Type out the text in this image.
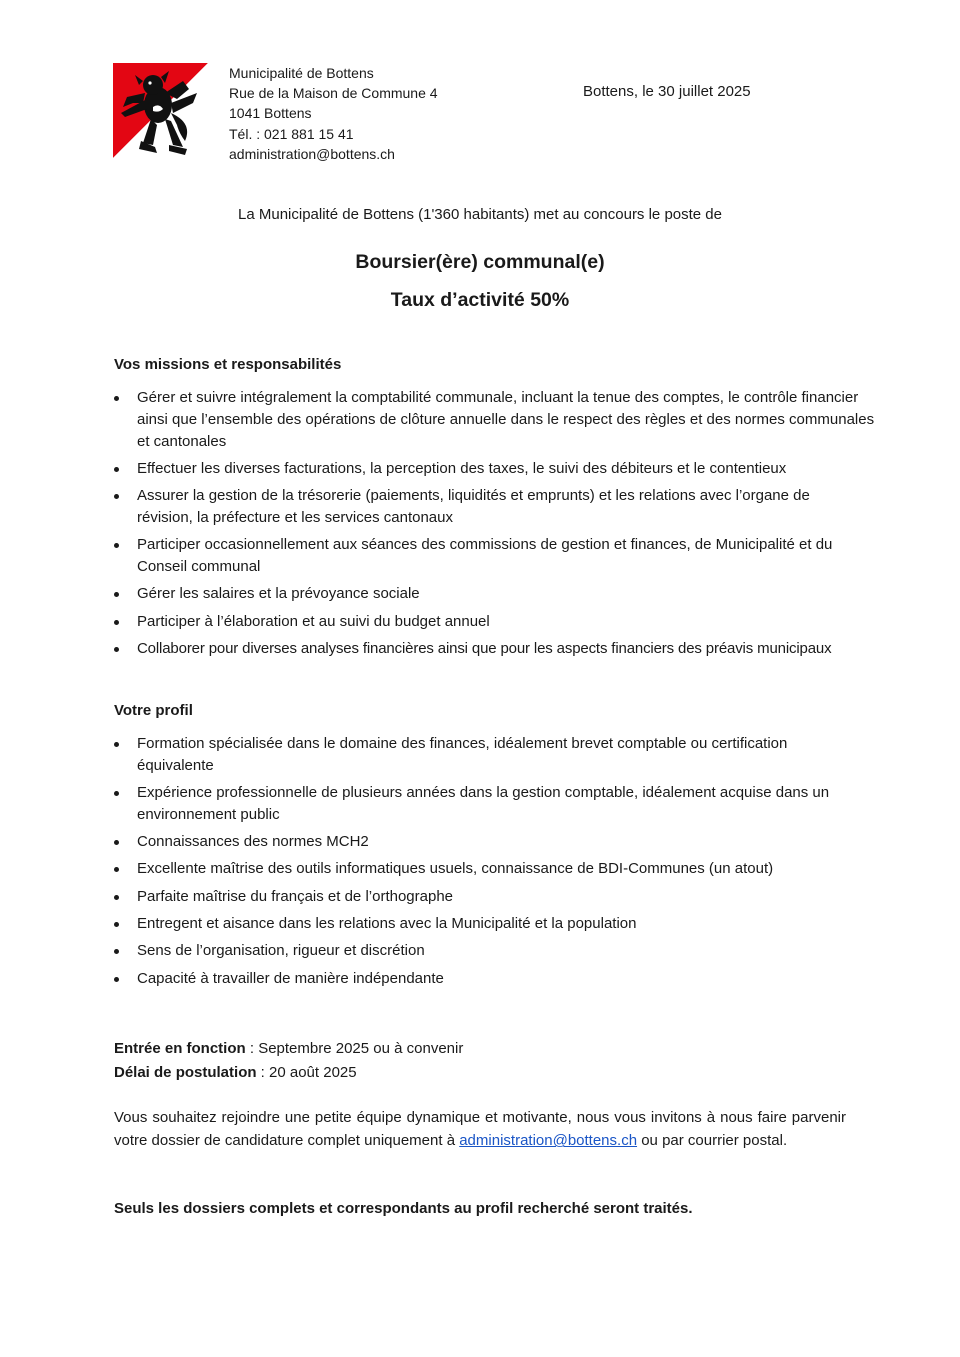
Municipalité de Bottens
Rue de la Maison de Commune 4
1041 Bottens
Tél. : 021 881 15 41
administration@bottens.ch
Bottens, le 30 juillet 2025
La Municipalité de Bottens (1'360 habitants) met au concours le poste de
Boursier(ère) communal(e)
Taux d’activité 50%
Vos missions et responsabilités
Gérer et suivre intégralement la comptabilité communale, incluant la tenue des comptes, le contrôle financier ainsi que l’ensemble des opérations de clôture annuelle dans le respect des règles et des normes communales et cantonales
Effectuer les diverses facturations, la perception des taxes, le suivi des débiteurs et le contentieux
Assurer la gestion de la trésorerie (paiements, liquidités et emprunts) et les relations avec l’organe de révision, la préfecture et les services cantonaux
Participer occasionnellement aux séances des commissions de gestion et finances, de Municipalité et du Conseil communal
Gérer les salaires et la prévoyance sociale
Participer à l’élaboration et au suivi du budget annuel
Collaborer pour diverses analyses financières ainsi que pour les aspects financiers des préavis municipaux
Votre profil
Formation spécialisée dans le domaine des finances, idéalement brevet comptable ou certification équivalente
Expérience professionnelle de plusieurs années dans la gestion comptable, idéalement acquise dans un environnement public
Connaissances des normes MCH2
Excellente maîtrise des outils informatiques usuels, connaissance de BDI-Communes (un atout)
Parfaite maîtrise du français et de l’orthographe
Entregent et aisance dans les relations avec la Municipalité et la population
Sens de l’organisation, rigueur et discrétion
Capacité à travailler de manière indépendante
Entrée en fonction : Septembre 2025 ou à convenir
Délai de postulation : 20 août 2025
Vous souhaitez rejoindre une petite équipe dynamique et motivante, nous vous invitons à nous faire parvenir votre dossier de candidature complet uniquement à administration@bottens.ch ou par courrier postal.
Seuls les dossiers complets et correspondants au profil recherché seront traités.
